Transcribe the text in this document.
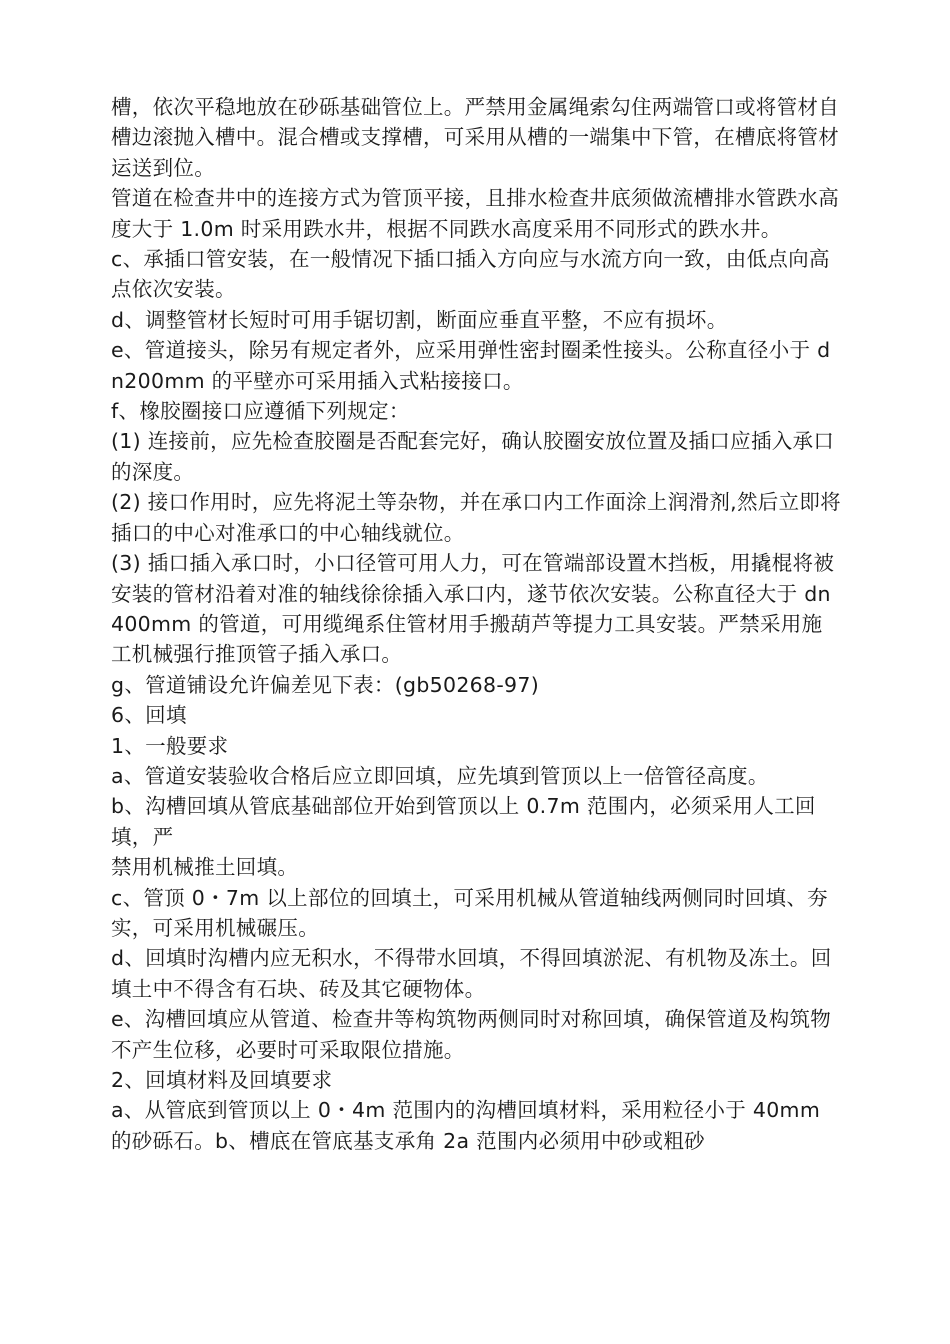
槽，依次平稳地放在砂砾基础管位上。严禁用金属绳索勾住两端管口或将管材自槽边滚抛入槽中。混合槽或支撑槽，可采用从槽的一端集中下管，在槽底将管材运送到位。

管道在检查井中的连接方式为管顶平接，且排水检查井底须做流槽排水管跌水高度大于 1.0m 时采用跌水井，根据不同跌水高度采用不同形式的跌水井。

c、承插口管安装，在一般情况下插口插入方向应与水流方向一致，由低点向高点依次安装。

d、调整管材长短时可用手锯切割，断面应垂直平整，不应有损坏。

e、管道接头，除另有规定者外，应采用弹性密封圈柔性接头。公称直径小于 dn200mm 的平壁亦可采用插入式粘接接口。

f、橡胶圈接口应遵循下列规定：

(1) 连接前，应先检查胶圈是否配套完好，确认胶圈安放位置及插口应插入承口的深度。

(2) 接口作用时，应先将泥土等杂物，并在承口内工作面涂上润滑剂,然后立即将插口的中心对准承口的中心轴线就位。

(3) 插口插入承口时，小口径管可用人力，可在管端部设置木挡板，用撬棍将被安装的管材沿着对准的轴线徐徐插入承口内，遂节依次安装。公称直径大于 dn400mm 的管道，可用缆绳系住管材用手搬葫芦等提力工具安装。严禁采用施工机械强行推顶管子插入承口。

g、管道铺设允许偏差见下表：(gb50268-97)

6、回填

1、一般要求

a、管道安装验收合格后应立即回填，应先填到管顶以上一倍管径高度。

b、沟槽回填从管底基础部位开始到管顶以上 0.7m 范围内，必须采用人工回填，严

禁用机械推土回填。

c、管顶 0・7m 以上部位的回填土，可采用机械从管道轴线两侧同时回填、夯实，可采用机械碾压。

d、回填时沟槽内应无积水，不得带水回填，不得回填淤泥、有机物及冻土。回填土中不得含有石块、砖及其它硬物体。

e、沟槽回填应从管道、检查井等构筑物两侧同时对称回填，确保管道及构筑物不产生位移，必要时可采取限位措施。

2、回填材料及回填要求

a、从管底到管顶以上 0・4m 范围内的沟槽回填材料，采用粒径小于 40mm 的砂砾石。b、槽底在管底基支承角 2a 范围内必须用中砂或粗砂
